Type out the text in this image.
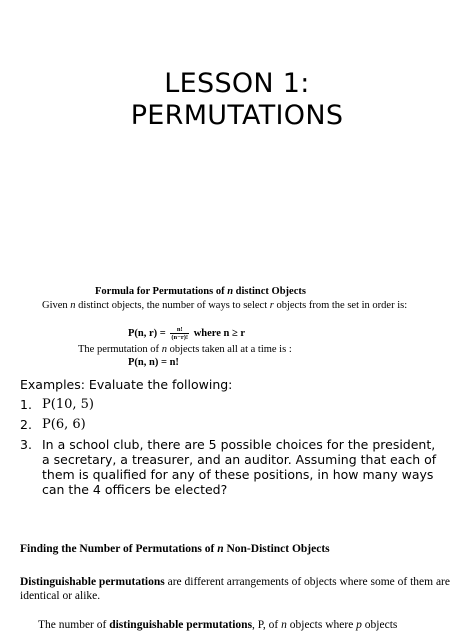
LESSON 1:
PERMUTATIONS
Formula for Permutations of n distinct Objects
Given n distinct objects, the number of ways to select r objects from the set in order is:
P(n, $r) = \frac{n!}{(n-r)!}$ where n ≥ r
The permutation of n objects taken all at a time is :
P(n, n) = n!

Examples: Evaluate the following:

1. P(10, 5)
2. P(6, 6)
3. In a school club, there are 5 possible choices for the president, a secretary, a treasurer, and an auditor. Assuming that each of them is qualified for any of these positions, in how many ways can the 4 officers be elected?

Finding the Number of Permutations of n Non-Distinct Objects

Distinguishable permutations are different arrangements of objects where some of them are identical or alike.

The number of distinguishable permutations, P, of n objects where p objects
